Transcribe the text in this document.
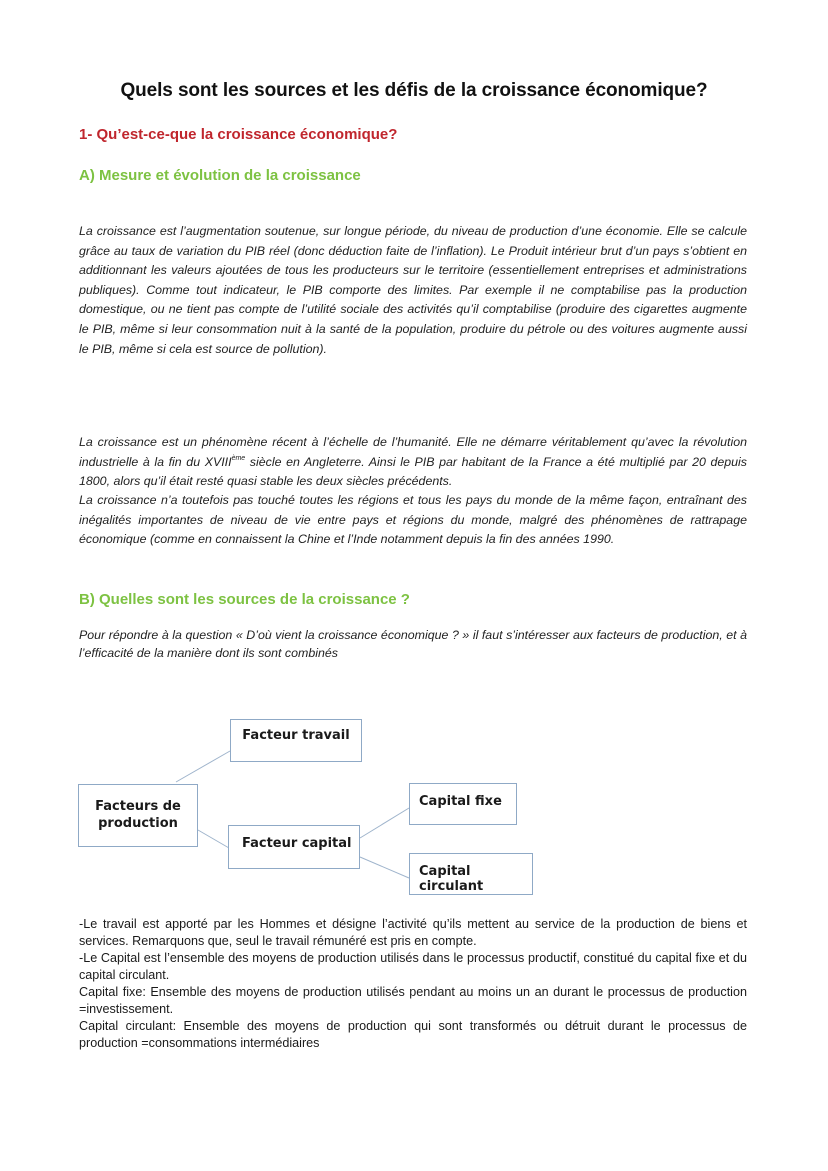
Quels sont les sources et les défis de la croissance économique?
1- Qu’est-ce-que la croissance économique?
A) Mesure et évolution de la croissance

La croissance est l’augmentation soutenue, sur longue période, du niveau de production d’une économie. Elle se calcule grâce au taux de variation du PIB réel (donc déduction faite de l’inflation). Le Produit intérieur brut d’un pays s’obtient en additionnant les valeurs ajoutées de tous les producteurs sur le territoire (essentiellement entreprises et administrations publiques). Comme tout indicateur, le PIB comporte des limites. Par exemple il ne comptabilise pas la production domestique, ou ne tient pas compte de l’utilité sociale des activités qu’il comptabilise (produire des cigarettes augmente le PIB, même si leur consommation nuit à la santé de la population, produire du pétrole ou des voitures augmente aussi le PIB, même si cela est source de pollution).

La croissance est un phénomène récent à l’échelle de l’humanité. Elle ne démarre véritablement qu’avec la révolution industrielle à la fin du XVIIIème siècle en Angleterre. Ainsi le PIB par habitant de la France a été multiplié par 20 depuis 1800, alors qu’il était resté quasi stable les deux siècles précédents.

La croissance n’a toutefois pas touché toutes les régions et tous les pays du monde de la même façon, entraînant des inégalités importantes de niveau de vie entre pays et régions du monde, malgré des phénomènes de rattrapage économique (comme en connaissent la Chine et l’Inde notamment depuis la fin des années 1990.

B) Quelles sont les sources de la croissance ?

Pour répondre à la question « D’où vient la croissance économique ? » il faut s’intéresser aux facteurs de production, et à l’efficacité de la manière dont ils sont combinés

Facteurs de
production
Facteur travail
Facteur capital
Capital fixe
Capital circulant

-Le travail est apporté par les Hommes et désigne l’activité qu’ils mettent au service de la production de biens et services. Remarquons que, seul le travail rémunéré est pris en compte.

-Le Capital est l’ensemble des moyens de production utilisés dans le processus productif, constitué du capital fixe et du capital circulant.

Capital fixe: Ensemble des moyens de production utilisés pendant au moins un an durant le processus de production =investissement.

Capital circulant: Ensemble des moyens de production qui sont transformés ou détruit durant le processus de production =consommations intermédiaires
